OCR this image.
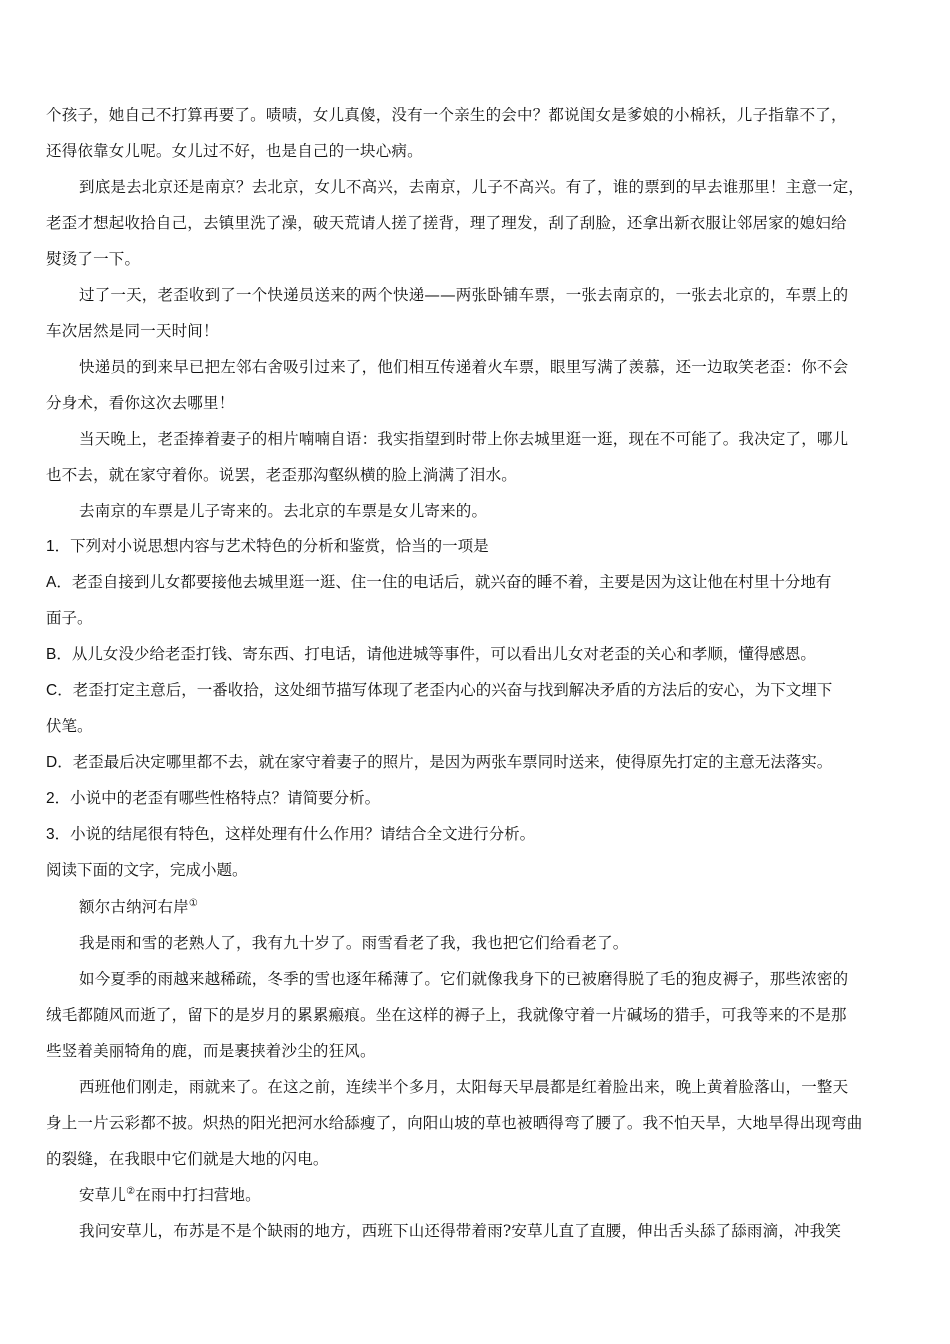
个孩子，她自己不打算再要了。啧啧，女儿真傻，没有一个亲生的会中？都说闺女是爹娘的小棉袄，儿子指靠不了，

还得依靠女儿呢。女儿过不好，也是自己的一块心病。

到底是去北京还是南京？去北京，女儿不高兴，去南京，儿子不高兴。有了，谁的票到的早去谁那里！主意一定，

老歪才想起收拾自己，去镇里洗了澡，破天荒请人搓了搓背，理了理发，刮了刮脸，还拿出新衣服让邻居家的媳妇给

熨烫了一下。

过了一天，老歪收到了一个快递员送来的两个快递——两张卧铺车票，一张去南京的，一张去北京的，车票上的

车次居然是同一天时间！

快递员的到来早已把左邻右舍吸引过来了，他们相互传递着火车票，眼里写满了羡慕，还一边取笑老歪：你不会

分身术，看你这次去哪里！

当天晚上，老歪捧着妻子的相片喃喃自语：我实指望到时带上你去城里逛一逛，现在不可能了。我决定了，哪儿

也不去，就在家守着你。说罢，老歪那沟壑纵横的脸上淌满了泪水。

去南京的车票是儿子寄来的。去北京的车票是女儿寄来的。

1．下列对小说思想内容与艺术特色的分析和鉴赏，恰当的一项是

A．老歪自接到儿女都要接他去城里逛一逛、住一住的电话后，就兴奋的睡不着，主要是因为这让他在村里十分地有

面子。

B．从儿女没少给老歪打钱、寄东西、打电话，请他进城等事件，可以看出儿女对老歪的关心和孝顺，懂得感恩。

C．老歪打定主意后，一番收拾，这处细节描写体现了老歪内心的兴奋与找到解决矛盾的方法后的安心，为下文埋下

伏笔。

D．老歪最后决定哪里都不去，就在家守着妻子的照片，是因为两张车票同时送来，使得原先打定的主意无法落实。

2．小说中的老歪有哪些性格特点？请简要分析。

3．小说的结尾很有特色，这样处理有什么作用？请结合全文进行分析。

阅读下面的文字，完成小题。

额尔古纳河右岸①

我是雨和雪的老熟人了，我有九十岁了。雨雪看老了我，我也把它们给看老了。

如今夏季的雨越来越稀疏，冬季的雪也逐年稀薄了。它们就像我身下的已被磨得脱了毛的狍皮褥子，那些浓密的

绒毛都随风而逝了，留下的是岁月的累累瘢痕。坐在这样的褥子上，我就像守着一片碱场的猎手，可我等来的不是那

些竖着美丽犄角的鹿，而是裹挟着沙尘的狂风。

西班他们刚走，雨就来了。在这之前，连续半个多月，太阳每天早晨都是红着脸出来，晚上黄着脸落山，一整天

身上一片云彩都不披。炽热的阳光把河水给舔瘦了，向阳山坡的草也被晒得弯了腰了。我不怕天旱，大地旱得出现弯曲

的裂缝，在我眼中它们就是大地的闪电。

安草儿②在雨中打扫营地。

我问安草儿，布苏是不是个缺雨的地方，西班下山还得带着雨?安草儿直了直腰，伸出舌头舔了舔雨滴，冲我笑
